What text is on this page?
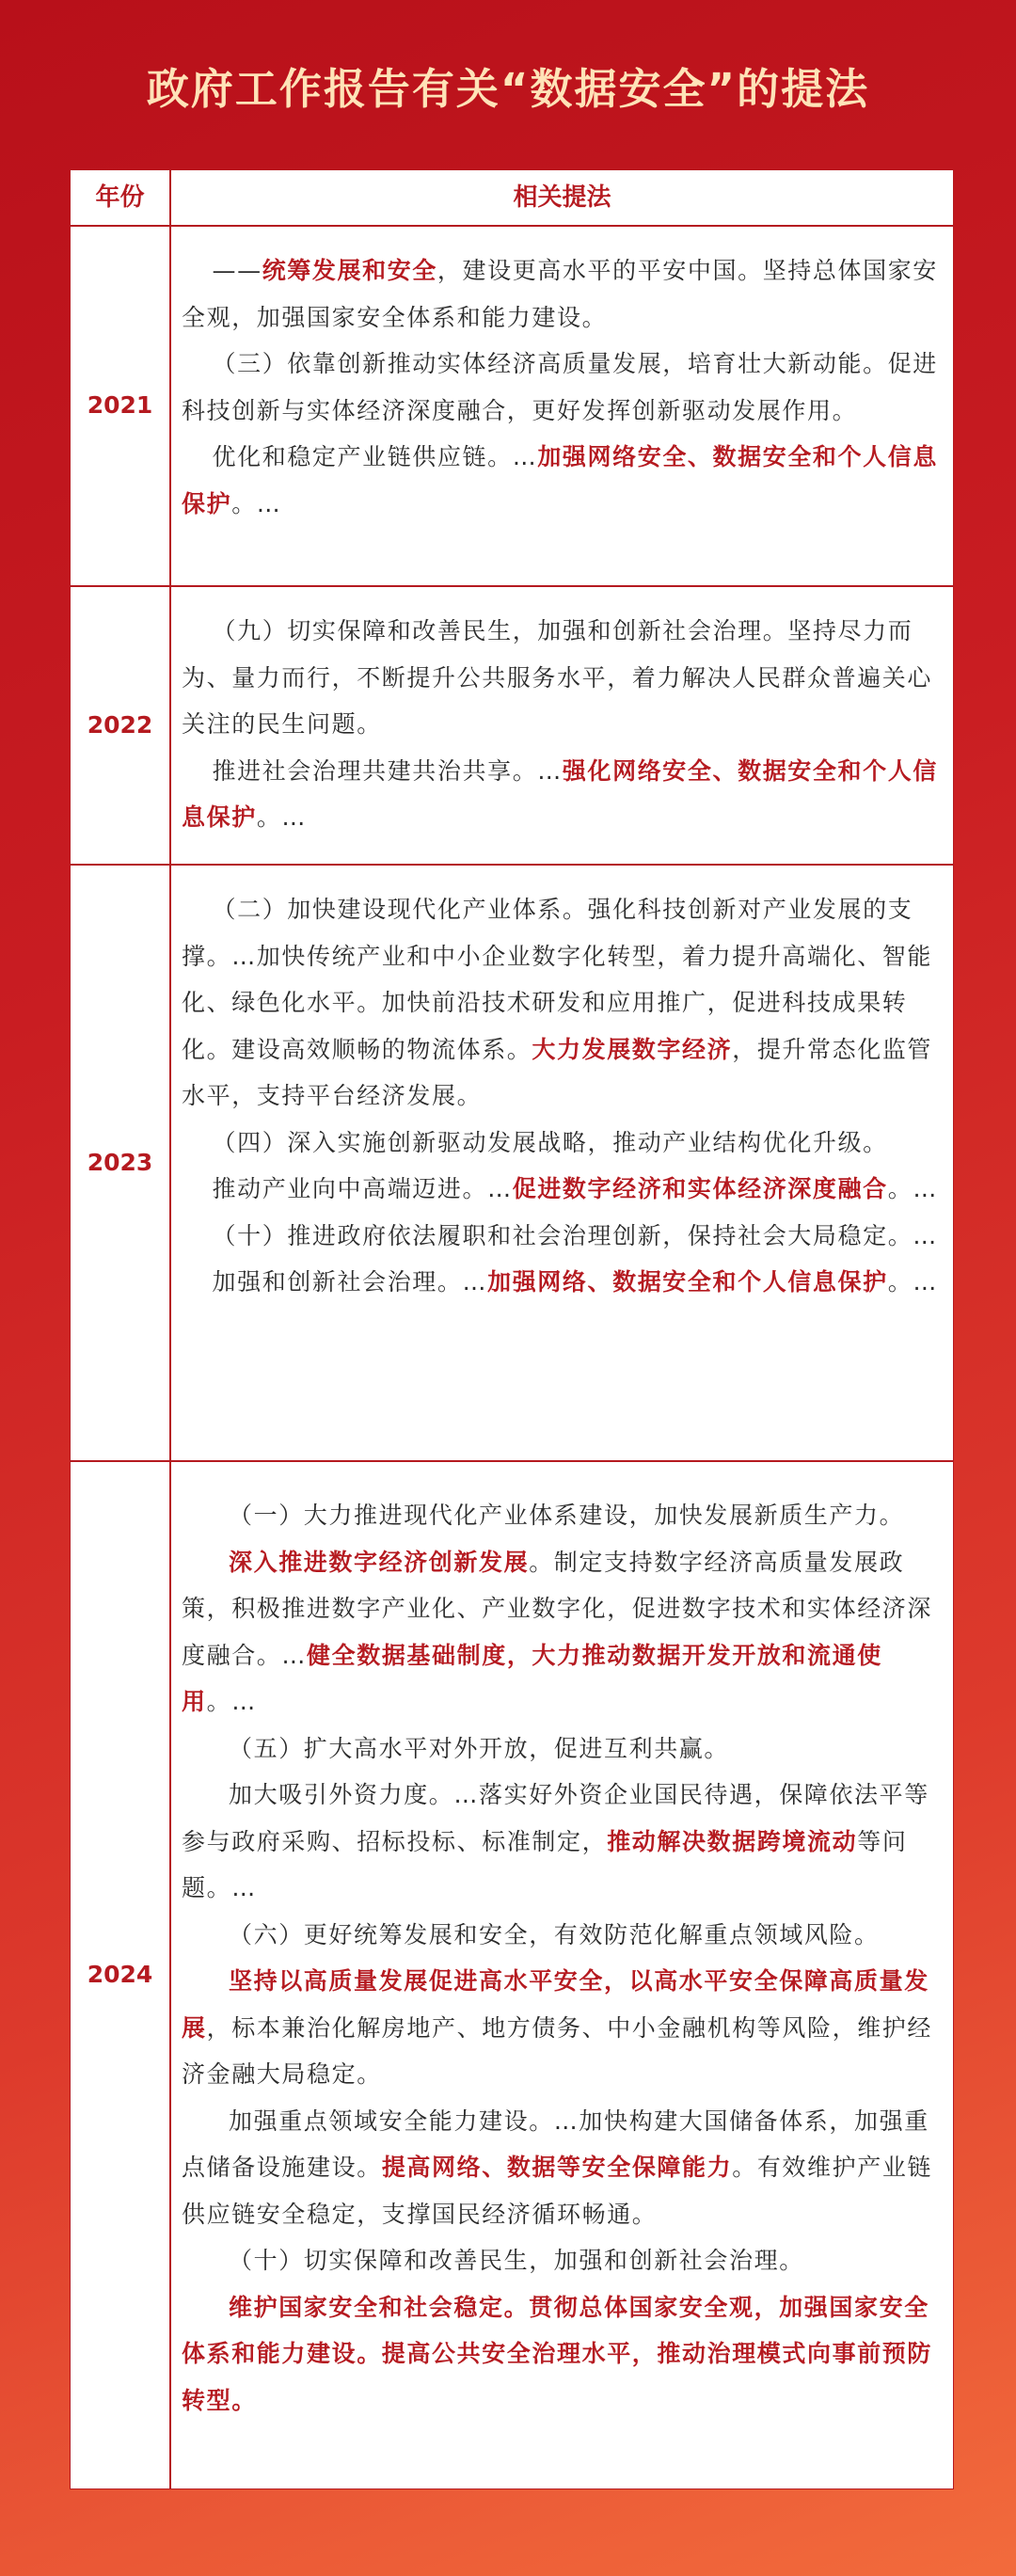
政府工作报告有关“数据安全”的提法
年份	相关提法
2021

——统筹发展和安全，建设更高水平的平安中国。坚持总体国家安全观，加强国家安全体系和能力建设。

（三）依靠创新推动实体经济高质量发展，培育壮大新动能。促进科技创新与实体经济深度融合，更好发挥创新驱动发展作用。

优化和稳定产业链供应链。…加强网络安全、数据安全和个人信息保护。…

2022

（九）切实保障和改善民生，加强和创新社会治理。坚持尽力而为、量力而行，不断提升公共服务水平，着力解决人民群众普遍关心关注的民生问题。

推进社会治理共建共治共享。…强化网络安全、数据安全和个人信息保护。…

2023

（二）加快建设现代化产业体系。强化科技创新对产业发展的支撑。…加快传统产业和中小企业数字化转型，着力提升高端化、智能化、绿色化水平。加快前沿技术研发和应用推广，促进科技成果转化。建设高效顺畅的物流体系。大力发展数字经济，提升常态化监管水平，支持平台经济发展。

（四）深入实施创新驱动发展战略，推动产业结构优化升级。

推动产业向中高端迈进。…促进数字经济和实体经济深度融合。…

（十）推进政府依法履职和社会治理创新，保持社会大局稳定。…

加强和创新社会治理。…加强网络、数据安全和个人信息保护。…

2024

（一）大力推进现代化产业体系建设，加快发展新质生产力。

深入推进数字经济创新发展。制定支持数字经济高质量发展政策，积极推进数字产业化、产业数字化，促进数字技术和实体经济深度融合。…健全数据基础制度，大力推动数据开发开放和流通使用。…

（五）扩大高水平对外开放，促进互利共赢。

加大吸引外资力度。…落实好外资企业国民待遇，保障依法平等参与政府采购、招标投标、标准制定，推动解决数据跨境流动等问题。…

（六）更好统筹发展和安全，有效防范化解重点领域风险。

坚持以高质量发展促进高水平安全，以高水平安全保障高质量发展，标本兼治化解房地产、地方债务、中小金融机构等风险，维护经济金融大局稳定。

加强重点领域安全能力建设。…加快构建大国储备体系，加强重点储备设施建设。提高网络、数据等安全保障能力。有效维护产业链供应链安全稳定，支撑国民经济循环畅通。

（十）切实保障和改善民生，加强和创新社会治理。

维护国家安全和社会稳定。贯彻总体国家安全观，加强国家安全体系和能力建设。提高公共安全治理水平，推动治理模式向事前预防转型。
